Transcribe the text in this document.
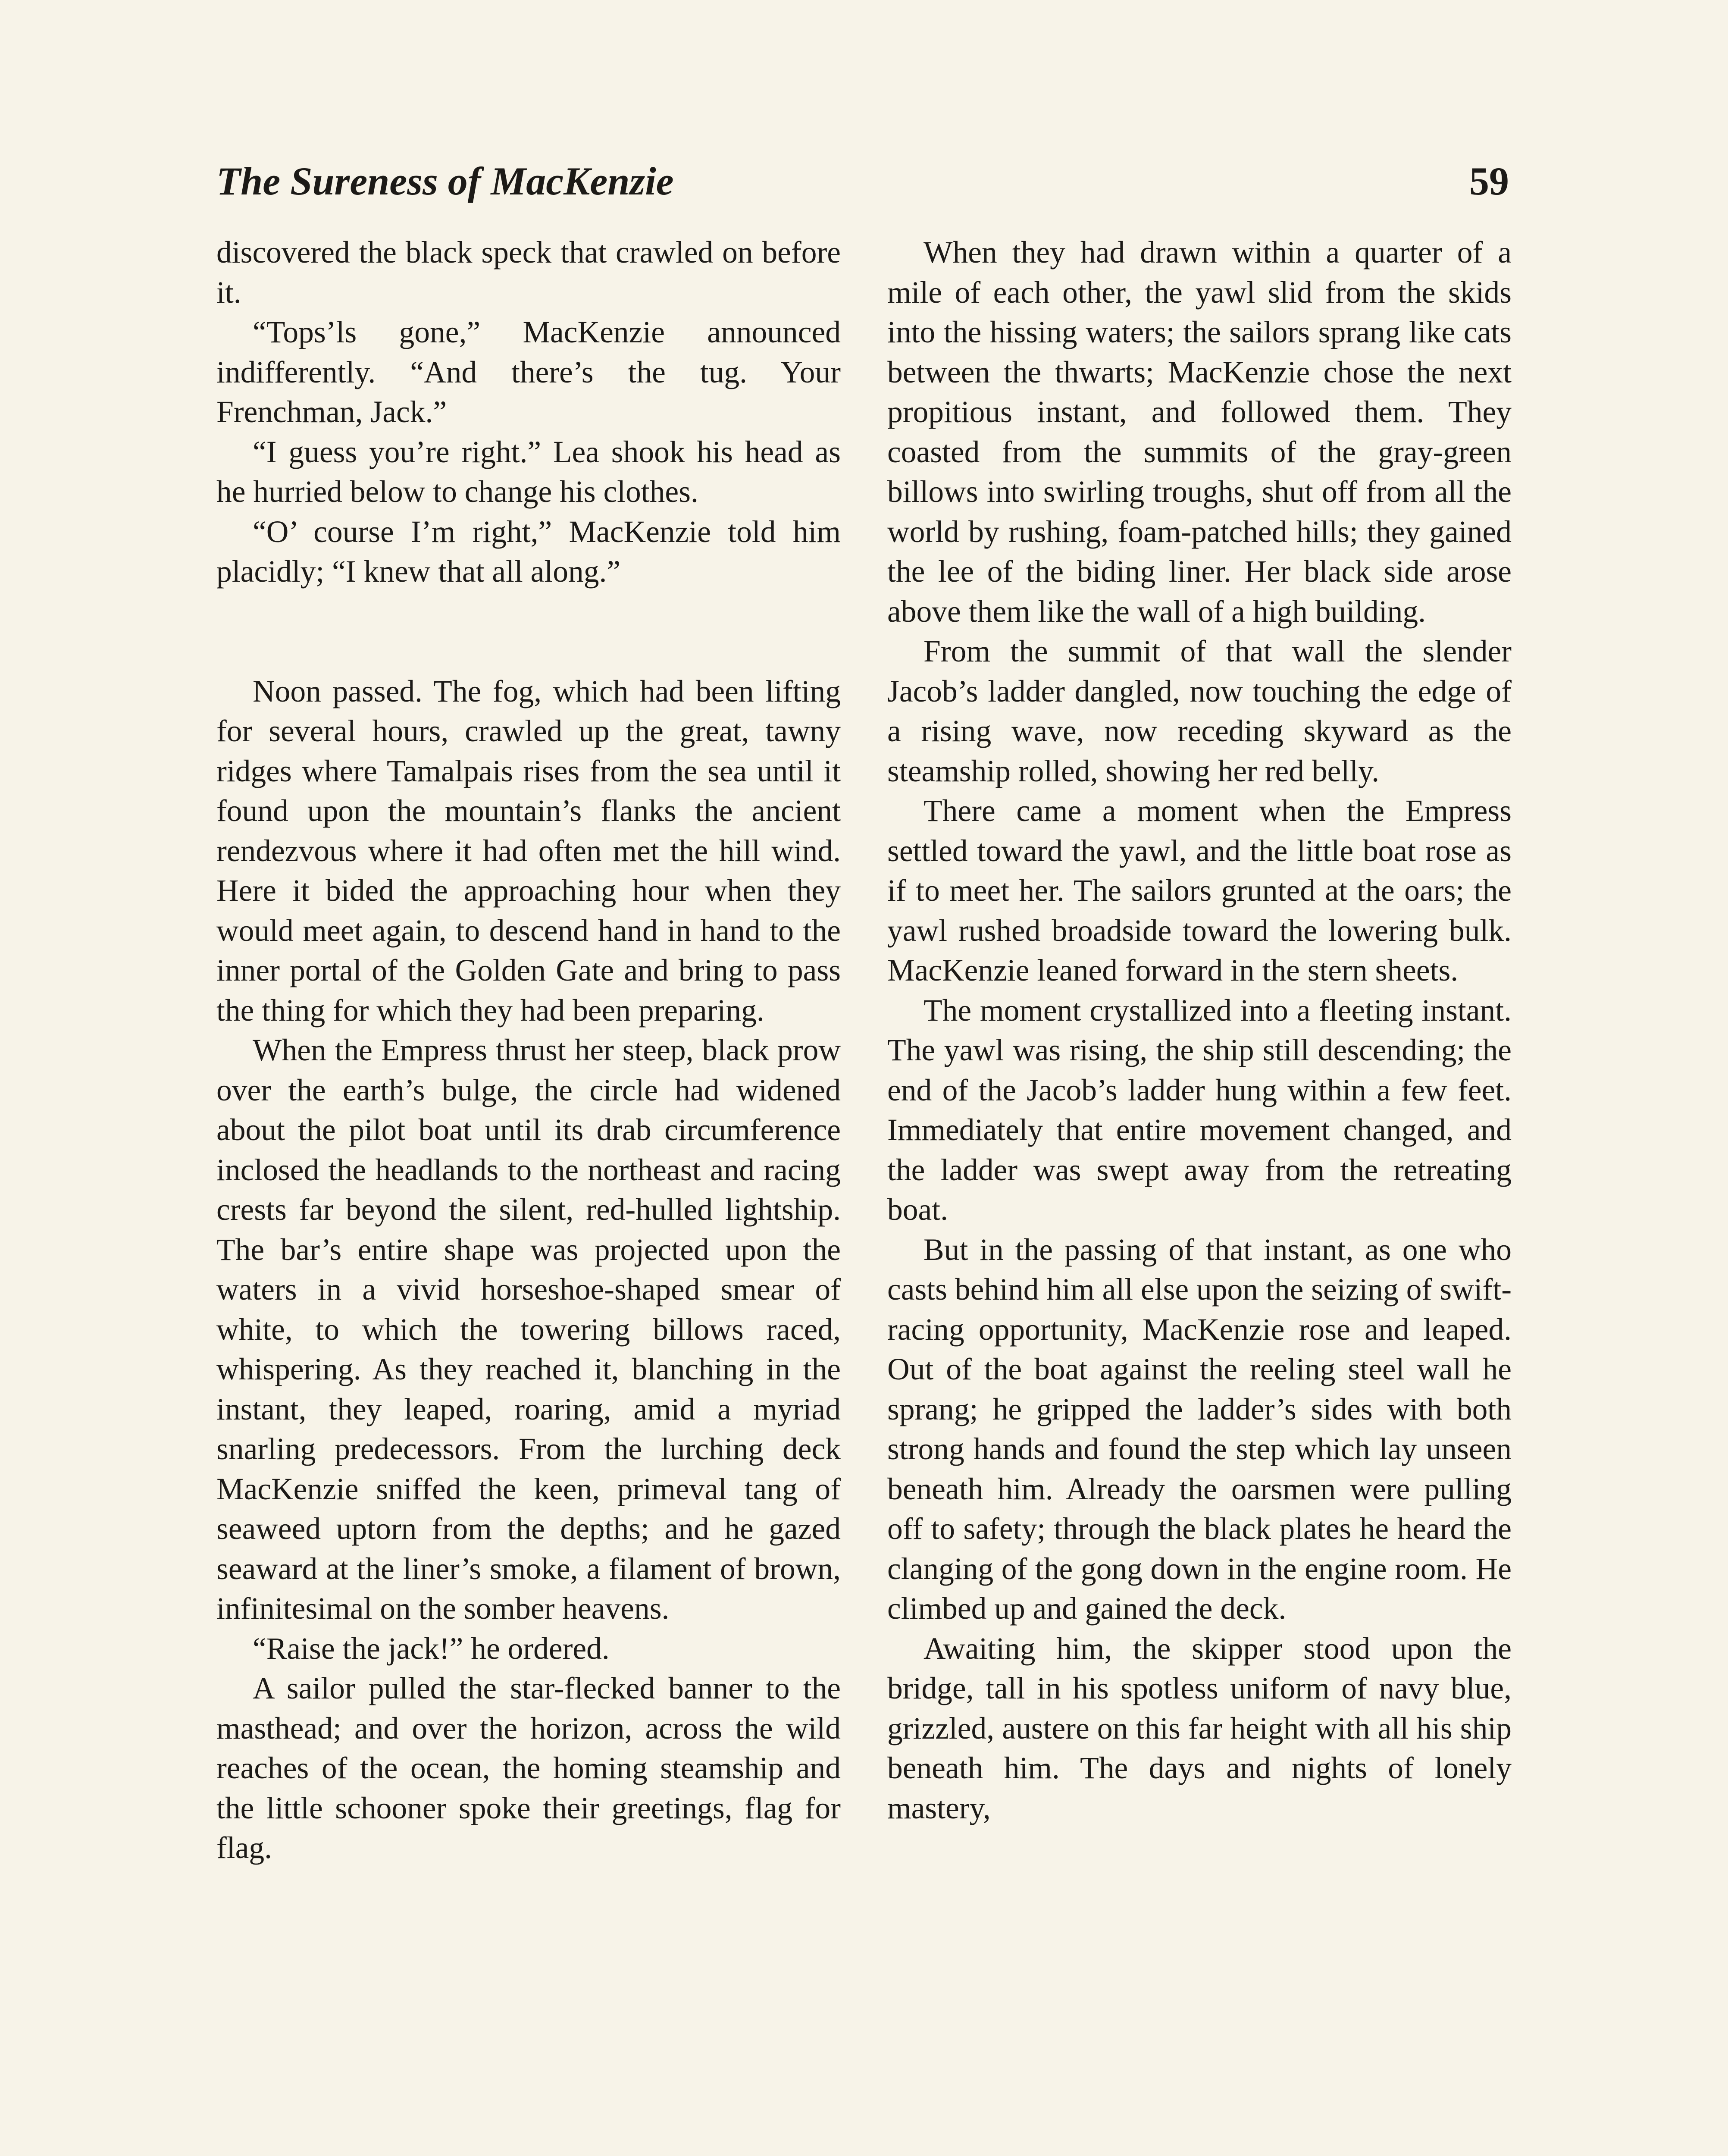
The Sureness of MacKenzie	59

discovered the black speck that crawled on before it.

“Tops’ls gone,” MacKenzie announced indifferently. “And there’s the tug. Your Frenchman, Jack.”

“I guess you’re right.” Lea shook his head as he hurried below to change his clothes.

“O’ course I’m right,” MacKenzie told him placidly; “I knew that all along.”

Noon passed. The fog, which had been lifting for several hours, crawled up the great, tawny ridges where Tamalpais rises from the sea until it found upon the mountain’s flanks the ancient rendezvous where it had often met the hill wind. Here it bided the approaching hour when they would meet again, to descend hand in hand to the inner portal of the Golden Gate and bring to pass the thing for which they had been preparing.

When the Empress thrust her steep, black prow over the earth’s bulge, the circle had widened about the pilot boat until its drab circumference inclosed the headlands to the northeast and racing crests far beyond the silent, red-hulled lightship. The bar’s entire shape was projected upon the waters in a vivid horseshoe-shaped smear of white, to which the towering billows raced, whispering. As they reached it, blanching in the instant, they leaped, roaring, amid a myriad snarling predecessors. From the lurching deck MacKenzie sniffed the keen, primeval tang of seaweed uptorn from the depths; and he gazed seaward at the liner’s smoke, a filament of brown, infinitesimal on the somber heavens.

“Raise the jack!” he ordered.

A sailor pulled the star-flecked banner to the masthead; and over the horizon, across the wild reaches of the ocean, the homing steamship and the little schooner spoke their greetings, flag for flag.

When they had drawn within a quarter of a mile of each other, the yawl slid from the skids into the hissing waters; the sailors sprang like cats between the thwarts; MacKenzie chose the next propitious instant, and followed them. They coasted from the summits of the gray-green billows into swirling troughs, shut off from all the world by rushing, foam-patched hills; they gained the lee of the biding liner. Her black side arose above them like the wall of a high building.

From the summit of that wall the slender Jacob’s ladder dangled, now touching the edge of a rising wave, now receding skyward as the steamship rolled, showing her red belly.

There came a moment when the Empress settled toward the yawl, and the little boat rose as if to meet her. The sailors grunted at the oars; the yawl rushed broadside toward the lowering bulk. MacKenzie leaned forward in the stern sheets.

The moment crystallized into a fleeting instant. The yawl was rising, the ship still descending; the end of the Jacob’s ladder hung within a few feet. Immediately that entire movement changed, and the ladder was swept away from the retreating boat.

But in the passing of that instant, as one who casts behind him all else upon the seizing of swift-racing opportunity, MacKenzie rose and leaped. Out of the boat against the reeling steel wall he sprang; he gripped the ladder’s sides with both strong hands and found the step which lay unseen beneath him. Already the oarsmen were pulling off to safety; through the black plates he heard the clanging of the gong down in the engine room. He climbed up and gained the deck.

Awaiting him, the skipper stood upon the bridge, tall in his spotless uniform of navy blue, grizzled, austere on this far height with all his ship beneath him. The days and nights of lonely mastery,
